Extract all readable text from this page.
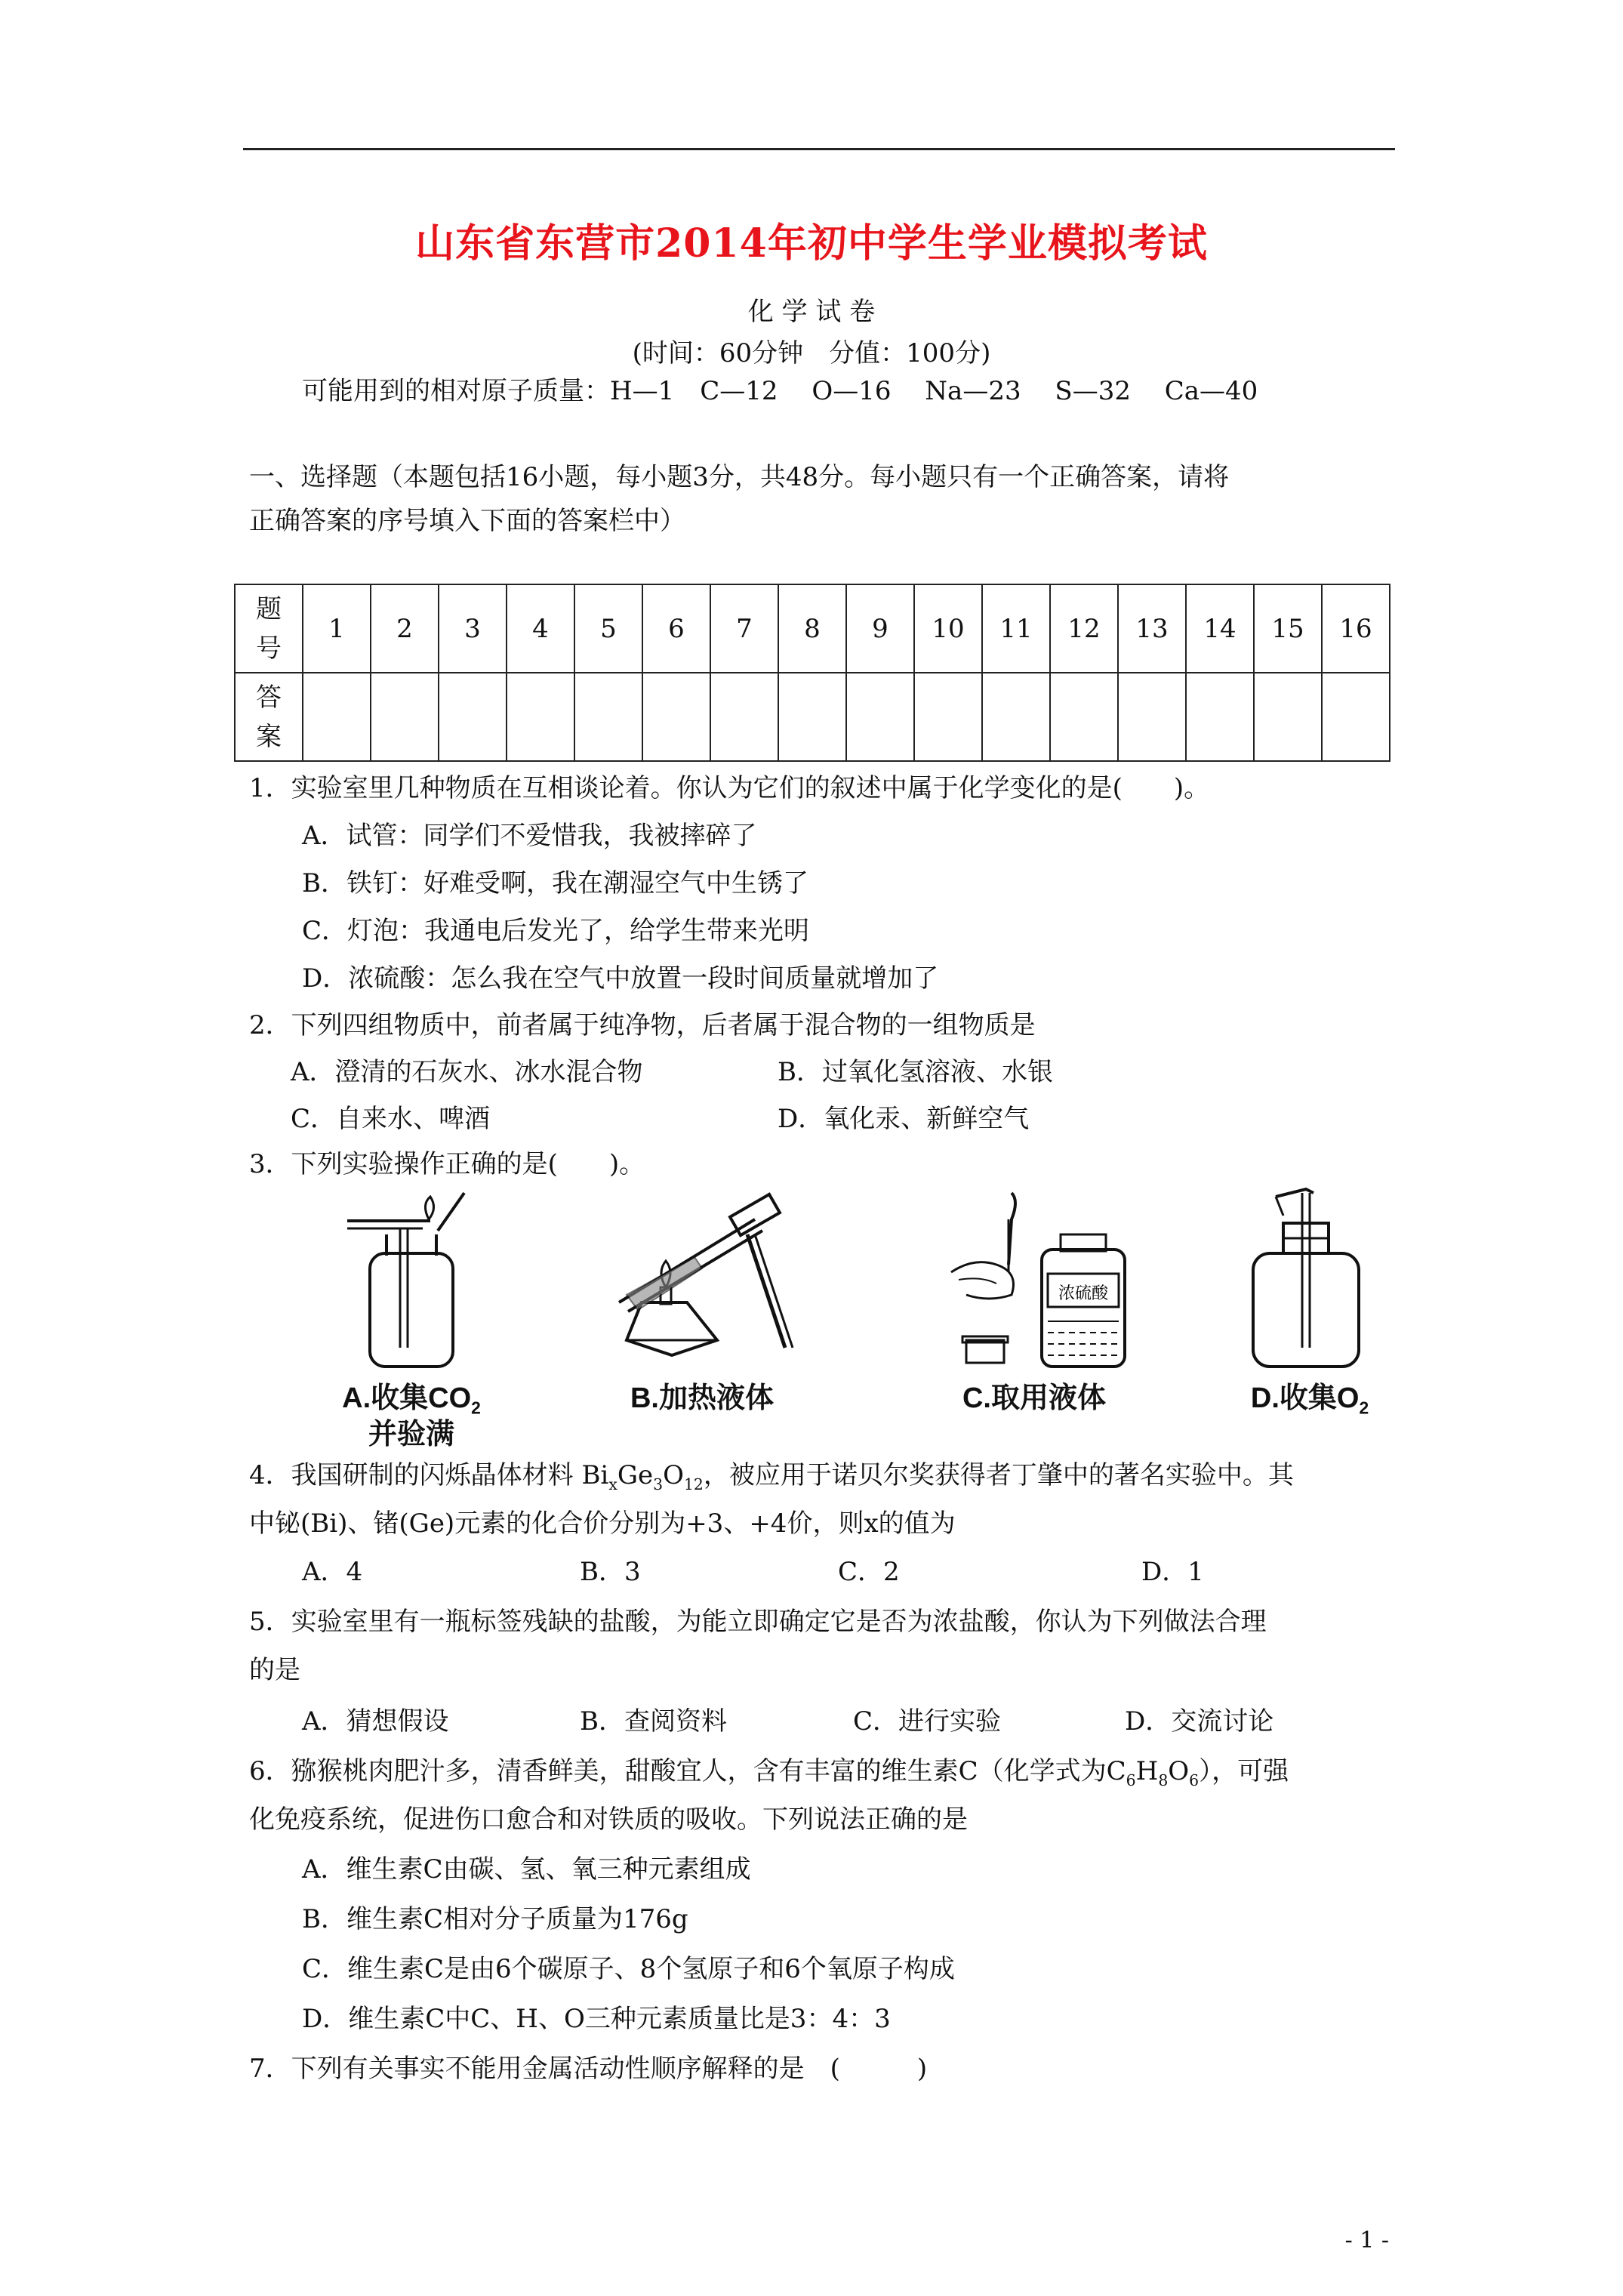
山东省东营市2014年初中学生学业模拟考试
化 学 试 卷
(时间：60分钟　分值：100分)
可能用到的相对原子质量：H—1　C—12　 O—16　 Na—23　 S—32　 Ca—40
一、选择题（本题包括16小题，每小题3分，共48分。每小题只有一个正确答案，请将
正确答案的序号填入下面的答案栏中）
题号	1	2	3	4	5	6	7	8	9	10	11	12	13	14	15	16
答案																
1．实验室里几种物质在互相谈论着。你认为它们的叙述中属于化学变化的是(　　)。
A．试管：同学们不爱惜我，我被摔碎了
B．铁钉：好难受啊，我在潮湿空气中生锈了
C．灯泡：我通电后发光了，给学生带来光明
D．浓硫酸：怎么我在空气中放置一段时间质量就增加了
2．下列四组物质中，前者属于纯净物，后者属于混合物的一组物质是
A．澄清的石灰水、冰水混合物	B．过氧化氢溶液、水银
C．自来水、啤酒	D．氧化汞、新鲜空气
3．下列实验操作正确的是(　　)。
A.收集$CO_2$
并验满
B.加热液体
浓硫酸
C.取用液体	D.收集$O_2$
4．我国研制的闪烁晶体材料 $Bi_xGe_3O_{12}$，被应用于诺贝尔奖获得者丁肇中的著名实验中。其
中铋(Bi)、锗(Ge)元素的化合价分别为+3、+4价，则x的值为
A．4	B．3	C．2	D．1
5．实验室里有一瓶标签残缺的盐酸，为能立即确定它是否为浓盐酸，你认为下列做法合理
的是
A．猜想假设	B．查阅资料	C．进行实验	D．交流讨论
6．猕猴桃肉肥汁多，清香鲜美，甜酸宜人，含有丰富的维生素C（化学式为$C_6H_8O_6$），可强
化免疫系统，促进伤口愈合和对铁质的吸收。下列说法正确的是
A．维生素C由碳、氢、氧三种元素组成
B．维生素C相对分子质量为176g
C．维生素C是由6个碳原子、8个氢原子和6个氧原子构成
D．维生素C中C、H、O三种元素质量比是3：4：3
7．下列有关事实不能用金属活动性顺序解释的是　(　　　)
- 1 -
